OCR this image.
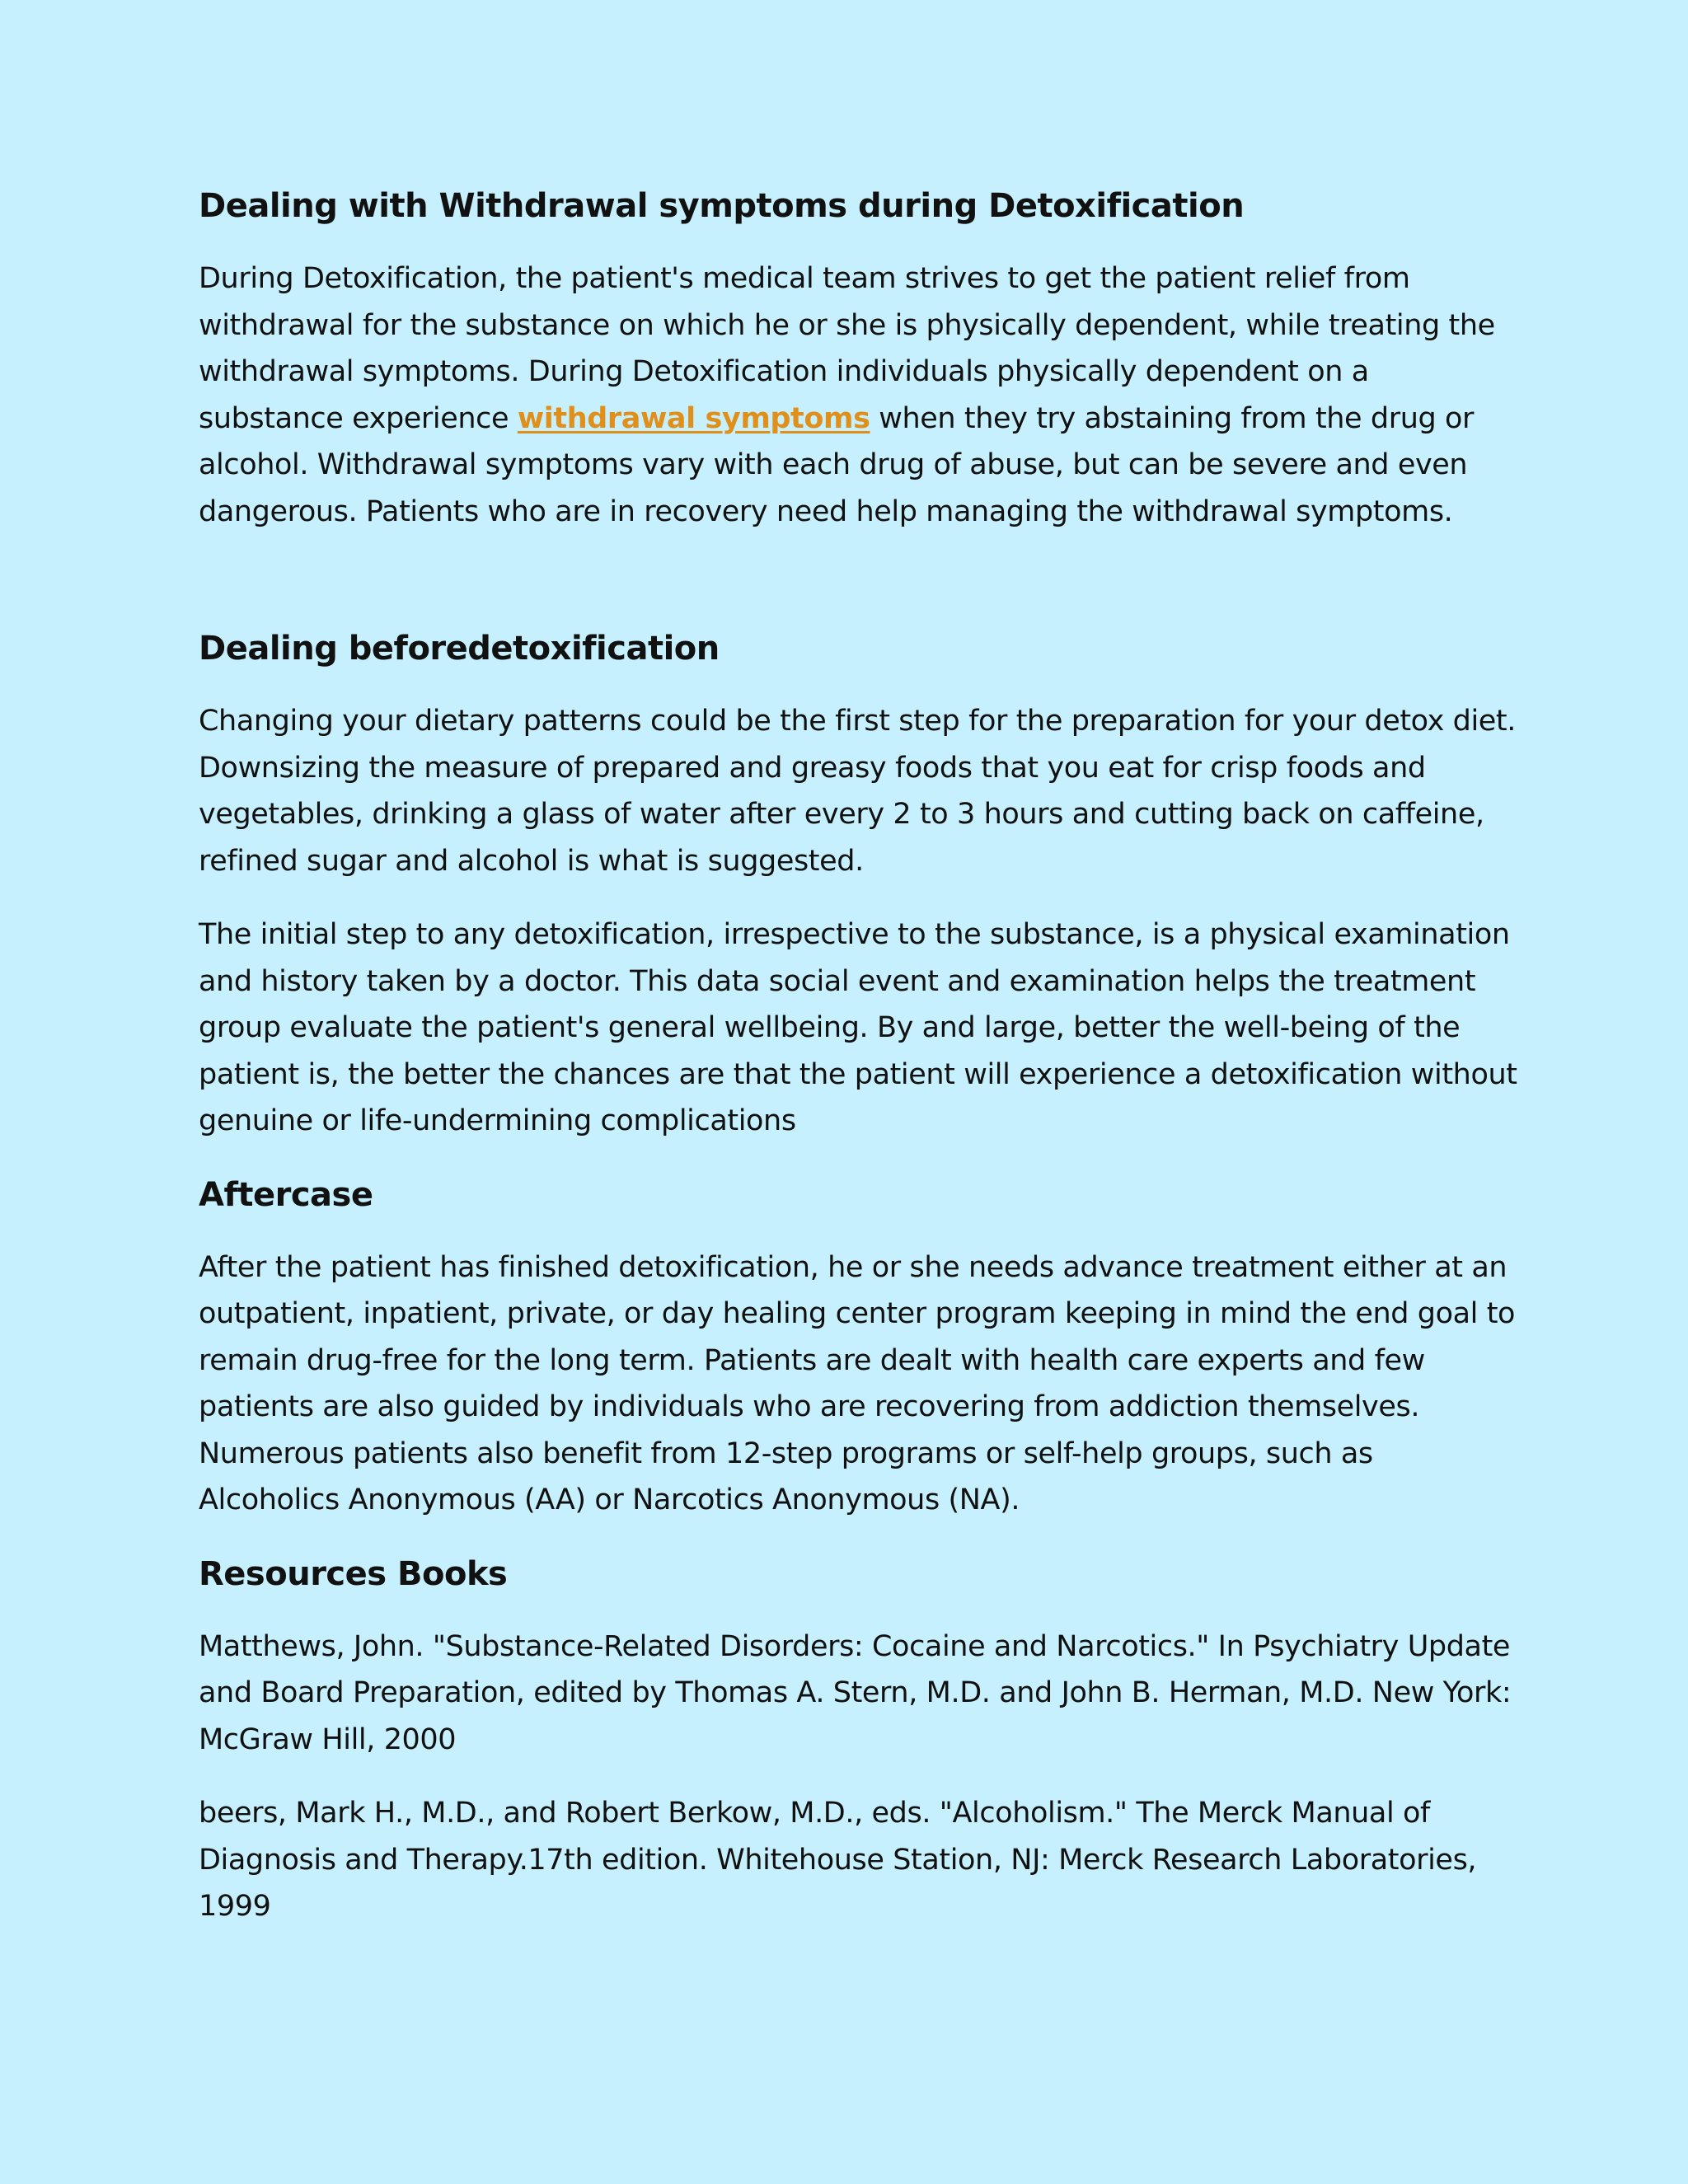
Dealing with Withdrawal symptoms during Detoxification

During Detoxification, the patient's medical team strives to get the patient relief from withdrawal for the substance on which he or she is physically dependent, while treating the withdrawal symptoms. During Detoxification individuals physically dependent on a substance experience withdrawal symptoms when they try abstaining from the drug or alcohol. Withdrawal symptoms vary with each drug of abuse, but can be severe and even dangerous. Patients who are in recovery need help managing the withdrawal symptoms.

Dealing beforedetoxification

Changing your dietary patterns could be the first step for the preparation for your detox diet. Downsizing the measure of prepared and greasy foods that you eat for crisp foods and vegetables, drinking a glass of water after every 2 to 3 hours and cutting back on caffeine, refined sugar and alcohol is what is suggested.

The initial step to any detoxification, irrespective to the substance, is a physical examination and history taken by a doctor. This data social event and examination helps the treatment group evaluate the patient's general wellbeing. By and large, better the well-being of the patient is, the better the chances are that the patient will experience a detoxification without genuine or life-undermining complications

Aftercase

After the patient has finished detoxification, he or she needs advance treatment either at an outpatient, inpatient, private, or day healing center program keeping in mind the end goal to remain drug-free for the long term. Patients are dealt with health care experts and few patients are also guided by individuals who are recovering from addiction themselves. Numerous patients also benefit from 12-step programs or self-help groups, such as Alcoholics Anonymous (AA) or Narcotics Anonymous (NA).

Resources Books

Matthews, John. "Substance-Related Disorders: Cocaine and Narcotics." In Psychiatry Update and Board Preparation, edited by Thomas A. Stern, M.D. and John B. Herman, M.D. New York: McGraw Hill, 2000

beers, Mark H., M.D., and Robert Berkow, M.D., eds. "Alcoholism." The Merck Manual of Diagnosis and Therapy.17th edition. Whitehouse Station, NJ: Merck Research Laboratories, 1999
